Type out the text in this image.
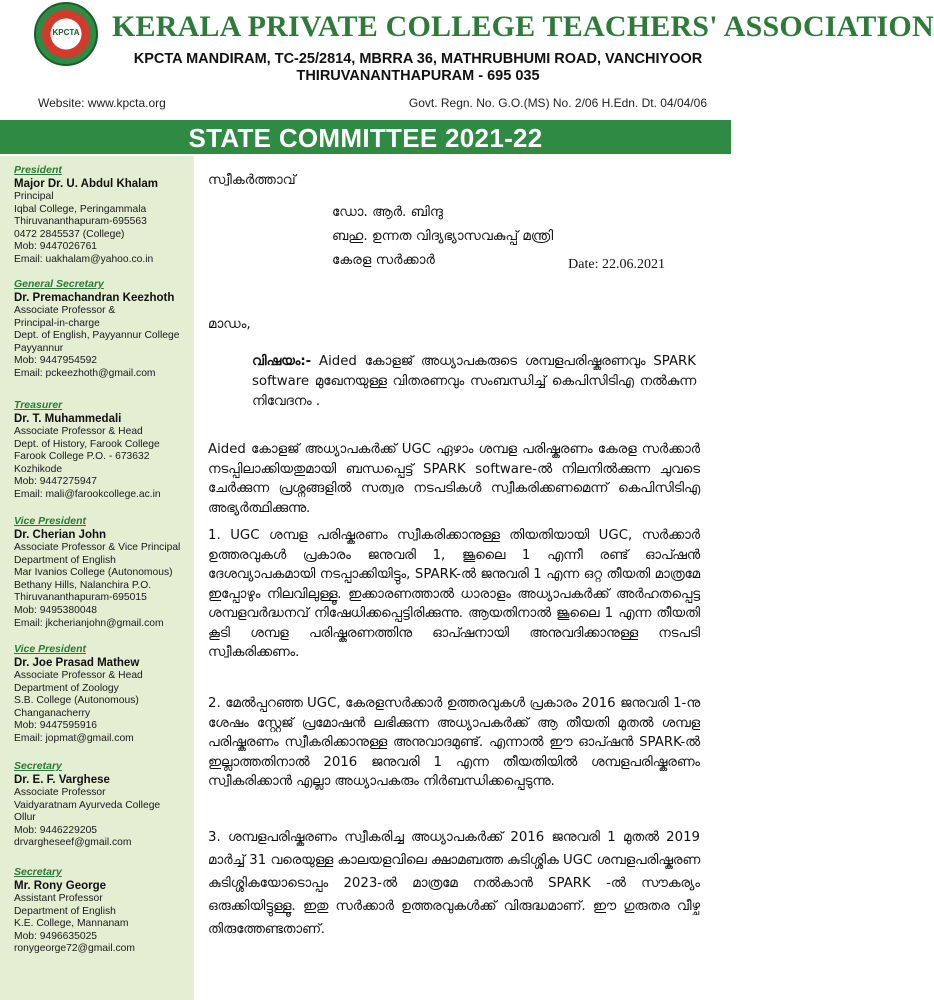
KPCTA	KERALA PRIVATE COLLEGE TEACHERS' ASSOCIATION
KPCTA MANDIRAM, TC-25/2814, MBRRA 36, MATHRUBHUMI ROAD, VANCHIYOOR
THIRUVANANTHAPURAM - 695 035
Website: www.kpcta.org	Govt. Regn. No. G.O.(MS) No. 2/06 H.Edn. Dt. 04/04/06
STATE COMMITTEE 2021-22
President
Major Dr. U. Abdul Khalam
Principal
Iqbal College, Peringammala
Thiruvananthapuram-695563
0472 2845537 (College)
Mob: 9447026761
Email: uakhalam@yahoo.co.in
General Secretary
Dr. Premachandran Keezhoth
Associate Professor &
Principal-in-charge
Dept. of English, Payyannur College
Payyannur
Mob: 9447954592
Email: pckeezhoth@gmail.com
Treasurer
Dr. T. Muhammedali
Associate Professor & Head
Dept. of History, Farook College
Farook College P.O. - 673632
Kozhikode
Mob: 9447275947
Email: mali@farookcollege.ac.in
Vice President
Dr. Cherian John
Associate Professor & Vice Principal
Department of English
Mar Ivanios College (Autonomous)
Bethany Hills, Nalanchira P.O.
Thiruvananthapuram-695015
Mob: 9495380048
Email: jkcherianjohn@gmail.com
Vice President
Dr. Joe Prasad Mathew
Associate Professor & Head
Department of Zoology
S.B. College (Autonomous)
Changanacherry
Mob: 9447595916
Email: jopmat@gmail.com
Secretary
Dr. E. F. Varghese
Associate Professor
Vaidyaratnam Ayurveda College
Ollur
Mob: 9446229205
drvargheseef@gmail.com
Secretary
Mr. Rony George
Assistant Professor
Department of English
K.E. College, Mannanam
Mob: 9496635025
ronygeorge72@gmail.com
സ്വീകർത്താവ്
ഡോ. ആർ. ബിന്ദു
ബഹു. ഉന്നത വിദ്യഭ്യാസവകുപ്പ് മന്ത്രി
കേരള സർക്കാർ	Date: 22.06.2021
മാഡം,
വിഷയം:- Aided കോളജ് അധ്യാപകരുടെ ശമ്പളപരിഷ്കരണവും SPARK software മുഖേനയുള്ള വിതരണവും സംബന്ധിച്ച് കെപിസിടിഎ നൽകുന്ന നിവേദനം .
Aided കോളജ് അധ്യാപകർക്ക് UGC ഏഴാം ശമ്പള പരിഷ്കരണം കേരള സർക്കാർ നടപ്പിലാക്കിയതുമായി ബന്ധപ്പെട്ട് SPARK software-ൽ നിലനിൽക്കുന്ന ചുവടെ ചേർക്കുന്ന പ്രശ്നങ്ങളിൽ സത്വര നടപടികൾ സ്വീകരിക്കണമെന്ന് കെപിസിടിഎ അഭ്യർത്ഥിക്കുന്നു.
1. UGC ശമ്പള പരിഷ്കരണം സ്വീകരിക്കാനുള്ള തിയതിയായി UGC, സർക്കാർ ഉത്തരവുകൾ പ്രകാരം ജനുവരി 1, ജൂലൈ 1 എന്നീ രണ്ട് ഓപ്ഷൻ ദേശവ്യാപകമായി നടപ്പാക്കിയിട്ടും, SPARK-ൽ ജനുവരി 1 എന്ന ഒറ്റ തീയതി മാത്രമേ ഇപ്പോഴും നിലവിലുള്ളൂ. ഇക്കാരണത്താൽ ധാരാളം അധ്യാപകർക്ക് അർഹതപ്പെട്ട ശമ്പളവർദ്ധനവ് നിഷേധിക്കപ്പെട്ടിരിക്കുന്നു. ആയതിനാൽ ജൂലൈ 1 എന്ന തീയതി കൂടി ശമ്പള പരിഷ്കരണത്തിനു ഓപ്ഷനായി അനുവദിക്കാനുള്ള നടപടി സ്വീകരിക്കണം.
2. മേൽപ്പറഞ്ഞ UGC, കേരളസർക്കാർ ഉത്തരവുകൾ പ്രകാരം 2016 ജനുവരി 1-നു ശേഷം സ്റ്റേജ് പ്രമോഷൻ ലഭിക്കുന്ന അധ്യാപകർക്ക് ആ തീയതി മുതൽ ശമ്പള പരിഷ്കരണം സ്വീകരിക്കാനുള്ള അനുവാദമുണ്ട്. എന്നാൽ ഈ ഓപ്ഷൻ SPARK-ൽ ഇല്ലാത്തതിനാൽ 2016 ജനുവരി 1 എന്ന തീയതിയിൽ ശമ്പളപരിഷ്കരണം സ്വീകരിക്കാൻ എല്ലാ അധ്യാപകരും നിർബന്ധിക്കപ്പെടുന്നു.
3. ശമ്പളപരിഷ്കരണം സ്വീകരിച്ച അധ്യാപകർക്ക് 2016 ജനുവരി 1 മുതൽ 2019 മാർച്ച് 31 വരെയുള്ള കാലയളവിലെ ക്ഷാമബത്ത കുടിശ്ശിക UGC ശമ്പളപരിഷ്കരണ കുടിശ്ശികയോടൊപ്പം 2023-ൽ മാത്രമേ നൽകാൻ SPARK -ൽ സൗകര്യം ഒരുക്കിയിട്ടുള്ളൂ. ഇതു സർക്കാർ ഉത്തരവുകൾക്ക് വിരുദ്ധമാണ്. ഈ ഗുരുതര വീഴ്ച തിരുത്തേണ്ടതാണ്.
